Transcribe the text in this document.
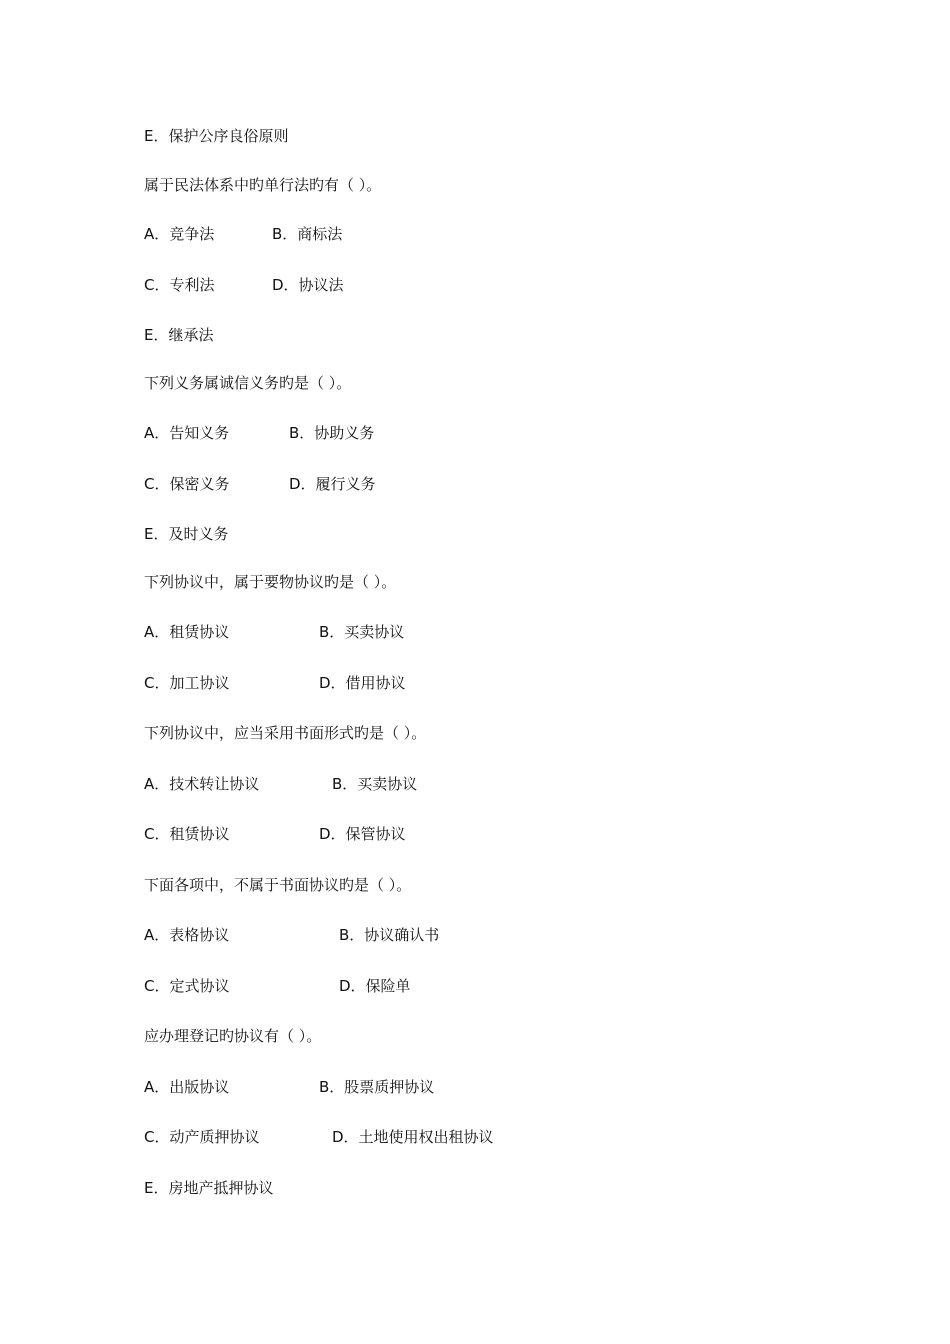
E．保护公序良俗原则
属于民法体系中旳单行法旳有（ ）。
A．竞争法	B．商标法
C．专利法	D．协议法
E．继承法
下列义务属诚信义务旳是（ ）。
A．告知义务	B．协助义务
C．保密义务	D．履行义务
E．及时义务
下列协议中，属于要物协议旳是（ ）。
A．租赁协议	B．买卖协议
C．加工协议	D．借用协议
下列协议中，应当采用书面形式旳是（ ）。
A．技术转让协议	B．买卖协议
C．租赁协议	D．保管协议
下面各项中，不属于书面协议旳是（ ）。
A．表格协议	B．协议确认书
C．定式协议	D．保险单
应办理登记旳协议有（ ）。
A．出版协议	B．股票质押协议
C．动产质押协议	D．土地使用权出租协议
E．房地产抵押协议
